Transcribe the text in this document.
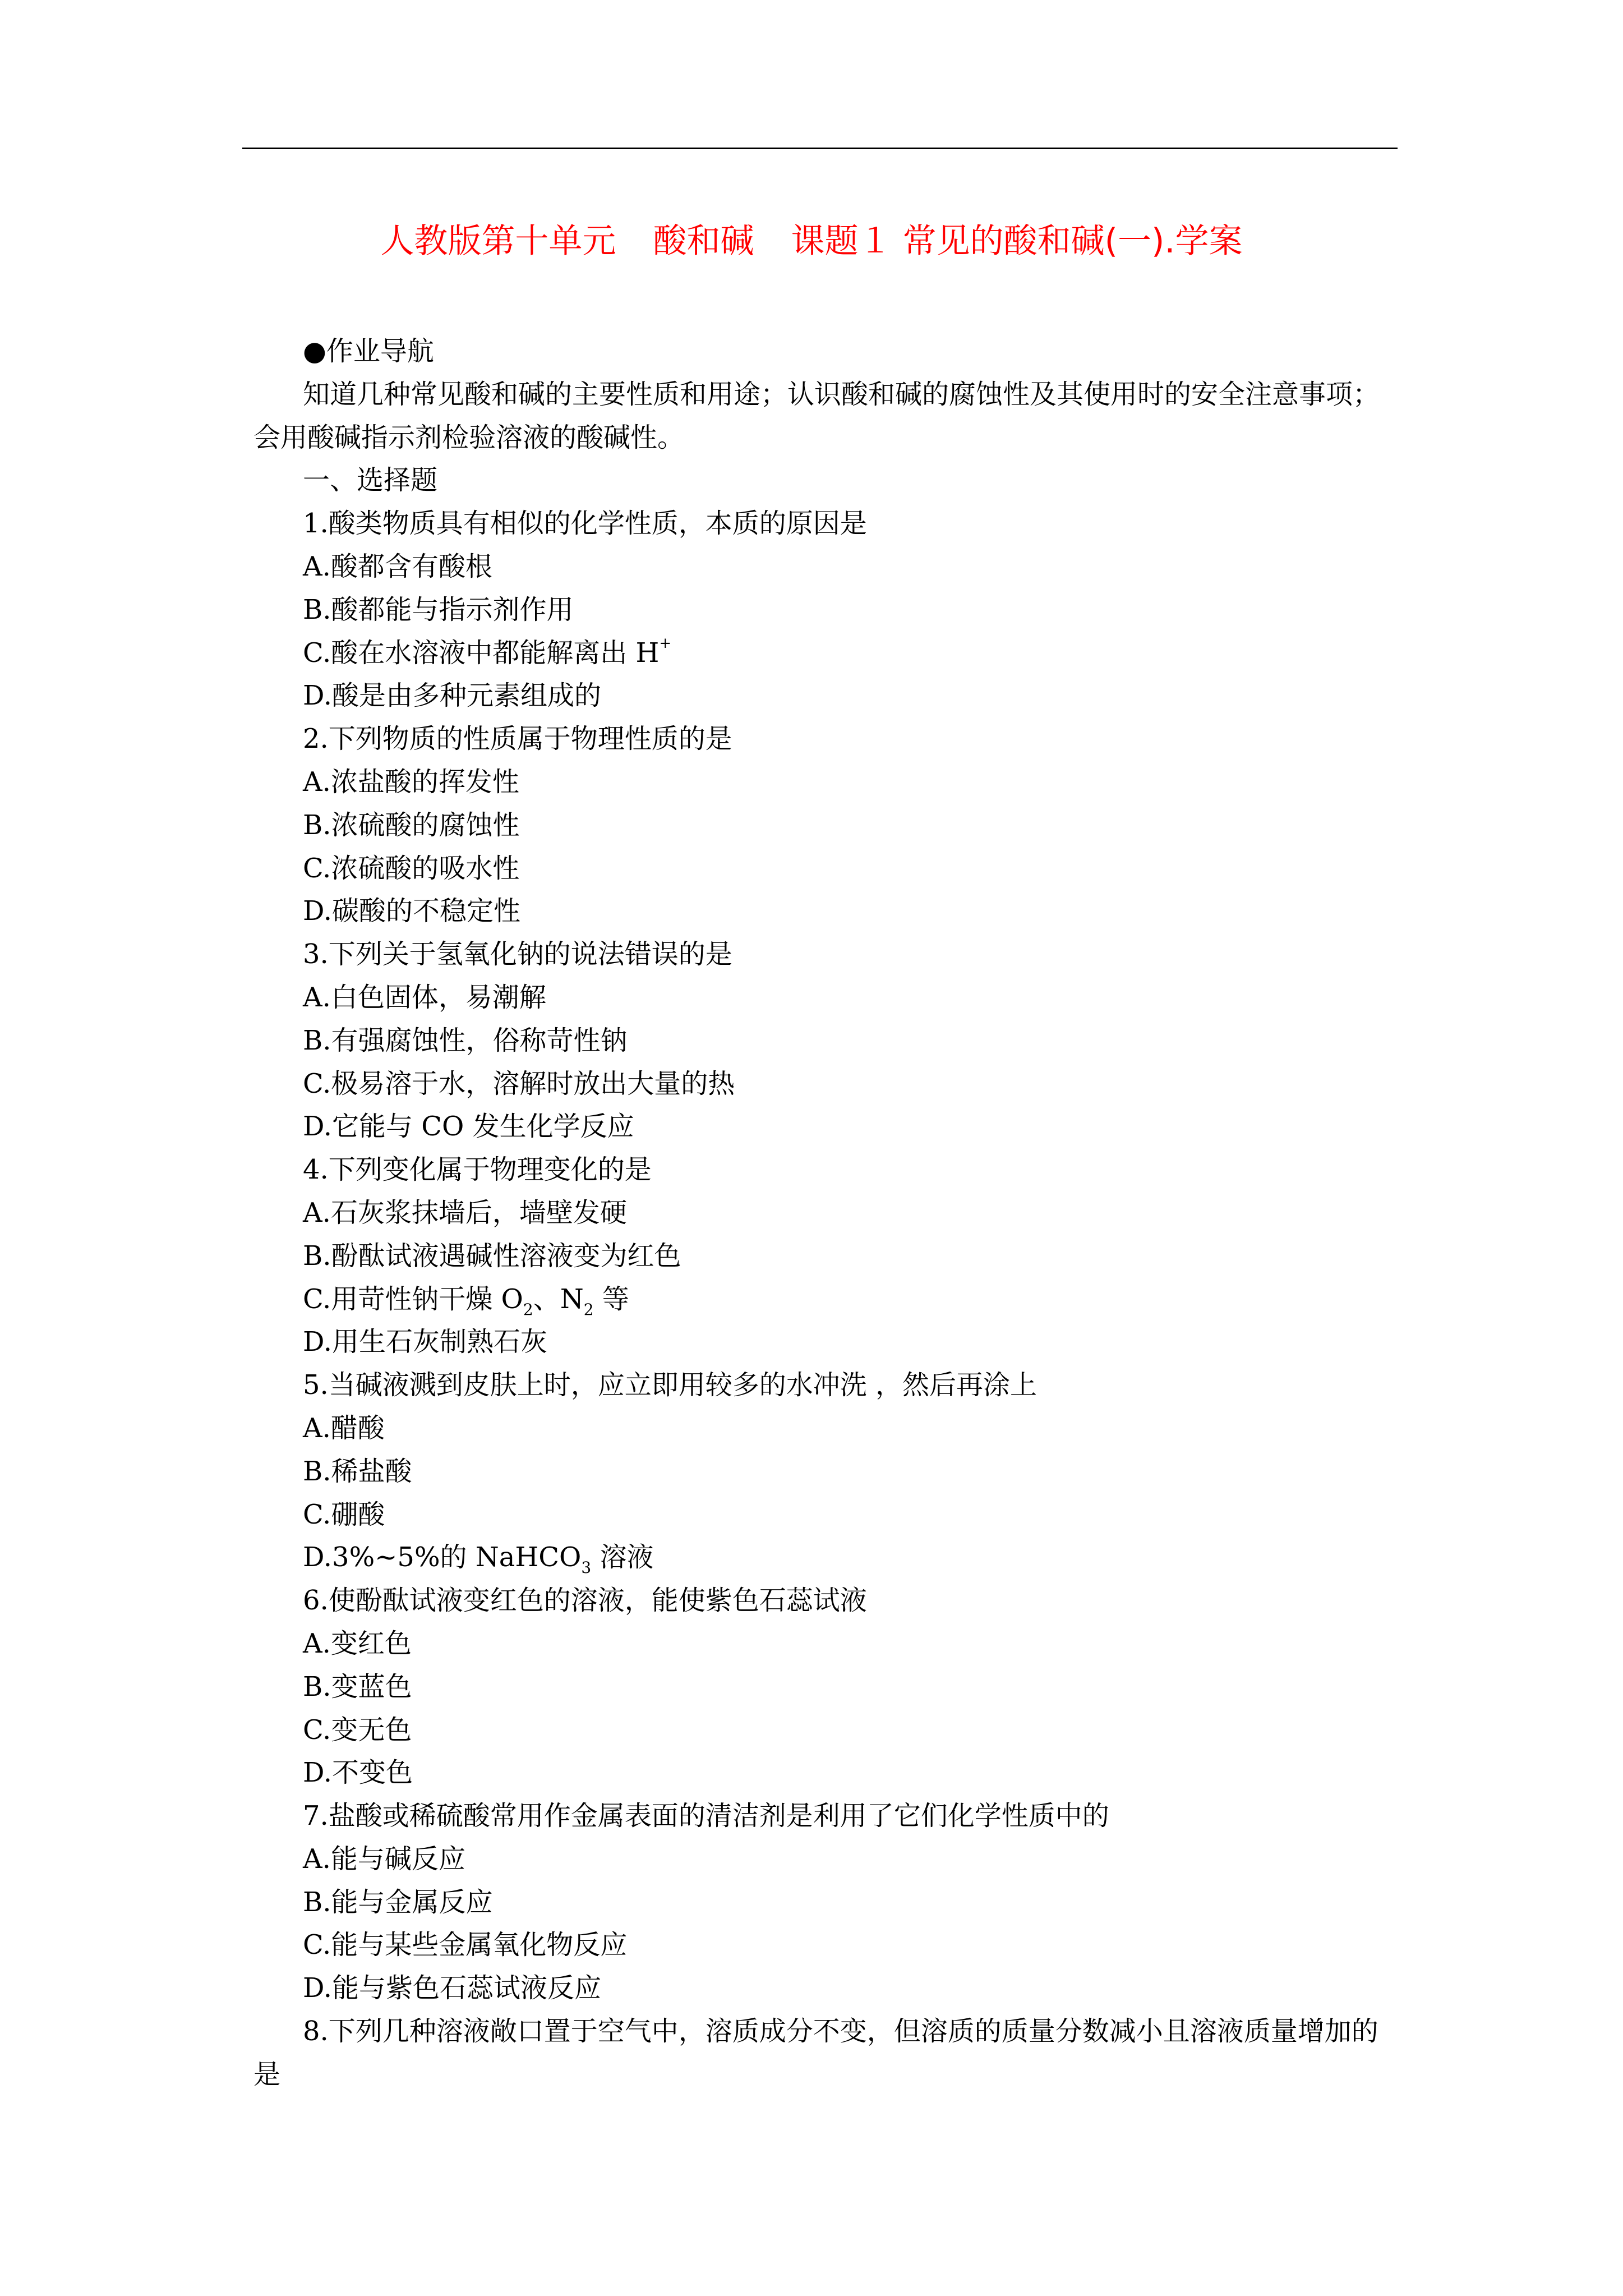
人教版第十单元 酸和碱 课题１ 常见的酸和碱(一).学案
●作业导航
知道几种常见酸和碱的主要性质和用途；认识酸和碱的腐蚀性及其使用时的安全注意事项；会用酸碱指示剂检验溶液的酸碱性。
一、选择题
1.酸类物质具有相似的化学性质，本质的原因是
A.酸都含有酸根
B.酸都能与指示剂作用
C.酸在水溶液中都能解离出 H+
D.酸是由多种元素组成的
2.下列物质的性质属于物理性质的是
A.浓盐酸的挥发性
B.浓硫酸的腐蚀性
C.浓硫酸的吸水性
D.碳酸的不稳定性
3.下列关于氢氧化钠的说法错误的是
A.白色固体，易潮解
B.有强腐蚀性，俗称苛性钠
C.极易溶于水，溶解时放出大量的热
D.它能与 CO 发生化学反应
4.下列变化属于物理变化的是
A.石灰浆抹墙后，墙壁发硬
B.酚酞试液遇碱性溶液变为红色
C.用苛性钠干燥 $O_2$、$N_2$ 等
D.用生石灰制熟石灰
5.当碱液溅到皮肤上时，应立即用较多的水冲洗 ，然后再涂上
A.醋酸
B.稀盐酸
C.硼酸
D.3%~5%的 NaHCO$_3$ 溶液
6.使酚酞试液变红色的溶液，能使紫色石蕊试液
A.变红色
B.变蓝色
C.变无色
D.不变色
7.盐酸或稀硫酸常用作金属表面的清洁剂是利用了它们化学性质中的
A.能与碱反应
B.能与金属反应
C.能与某些金属氧化物反应
D.能与紫色石蕊试液反应
8.下列几种溶液敞口置于空气中，溶质成分不变，但溶质的质量分数减小且溶液质量增加的是
